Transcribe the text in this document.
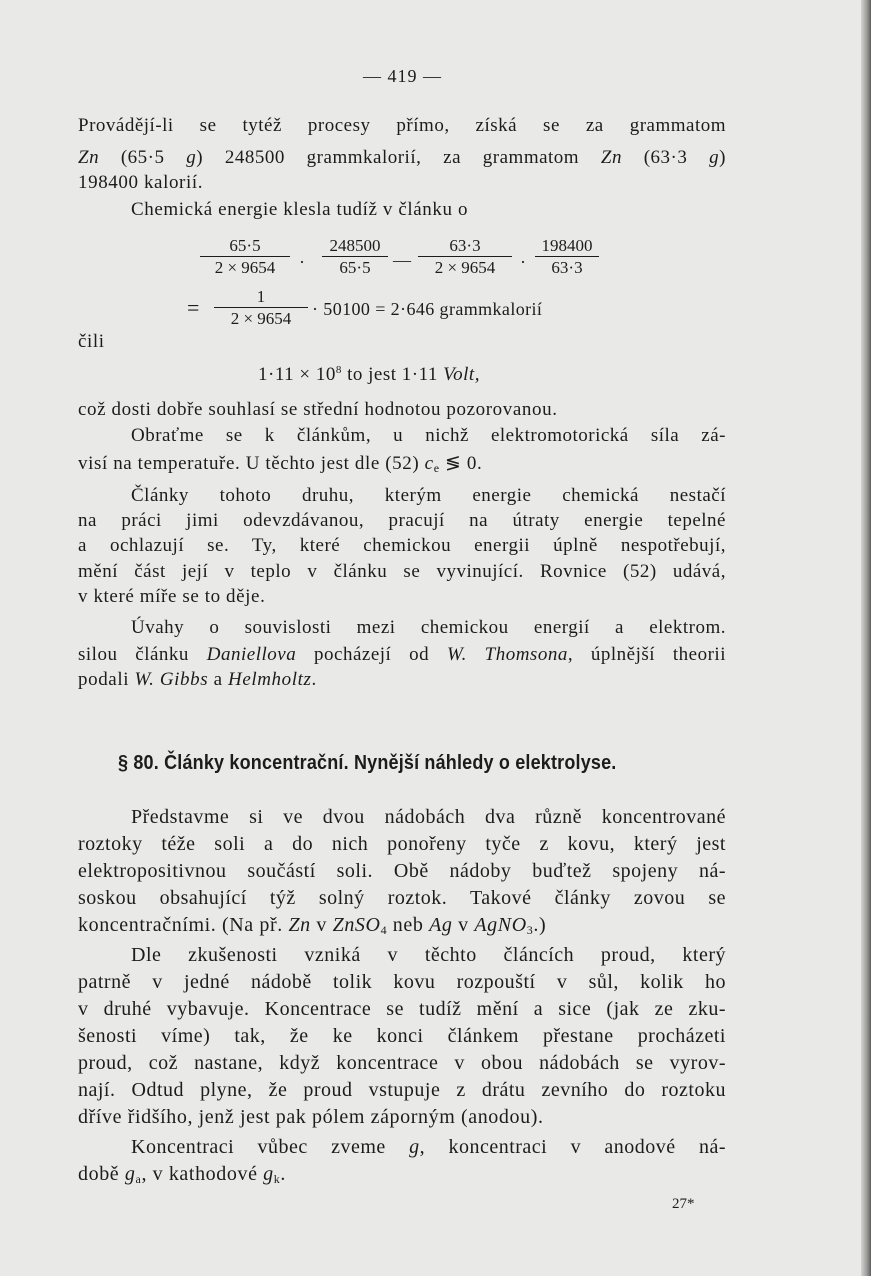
— 419 —
Provádějí-li se tytéž procesy přímo, získá se za grammatom
Zn (65·5 g) 248500 grammkalorií, za grammatom Zn (63·3 g)
198400 kalorií.
Chemická energie klesla tudíž v článku o
$\frac{65\cdot 5}{2 \times 9654} \cdot \frac{248500}{65\cdot 5}$ — $\frac{63\cdot 3}{2 \times 9654} \cdot \frac{198400}{63\cdot 3}$
= $\frac{1}{2 \times 9654} \cdot 50100 = 2\cdot 646$ grammkalorií
čili
$1\cdot 11 \times 10^8$ to jest 1·11 Volt,
což dosti dobře souhlasí se střední hodnotou pozorovanou.
Obraťme se k článkům, u nichž elektromotorická síla zá-
visí na temperatuře. U těchto jest dle (52) $c_e$ ≶ 0.
Články tohoto druhu, kterým energie chemická nestačí
na práci jimi odevzdávanou, pracují na útraty energie tepelné
a ochlazují se. Ty, které chemickou energii úplně nespotřebují,
mění část její v teplo v článku se vyvinující. Rovnice (52) udává,
v které míře se to děje.
Úvahy o souvislosti mezi chemickou energií a elektrom.
silou článku Daniellova pocházejí od W. Thomsona, úplnější theorii
podali W. Gibbs a Helmholtz.
§ 80. Články koncentrační. Nynější náhledy o elektrolyse.
Představme si ve dvou nádobách dva různě koncentrované
roztoky téže soli a do nich ponořeny tyče z kovu, který jest
elektropositivnou součástí soli. Obě nádoby buďtež spojeny ná-
soskou obsahující týž solný roztok. Takové články zovou se
koncentračními. (Na př. Zn v ZnSO$_4$ neb Ag v AgNO$_3$.)
Dle zkušenosti vzniká v těchto článcích proud, který
patrně v jedné nádobě tolik kovu rozpouští v sůl, kolik ho
v druhé vybavuje. Koncentrace se tudíž mění a sice (jak ze zku-
šenosti víme) tak, že ke konci článkem přestane procházeti
proud, což nastane, když koncentrace v obou nádobách se vyrov-
nají. Odtud plyne, že proud vstupuje z drátu zevního do roztoku
dříve řidšího, jenž jest pak pólem záporným (anodou).
Koncentraci vůbec zveme g, koncentraci v anodové ná-
době $g_a$, v kathodové $g_k$.
27*
